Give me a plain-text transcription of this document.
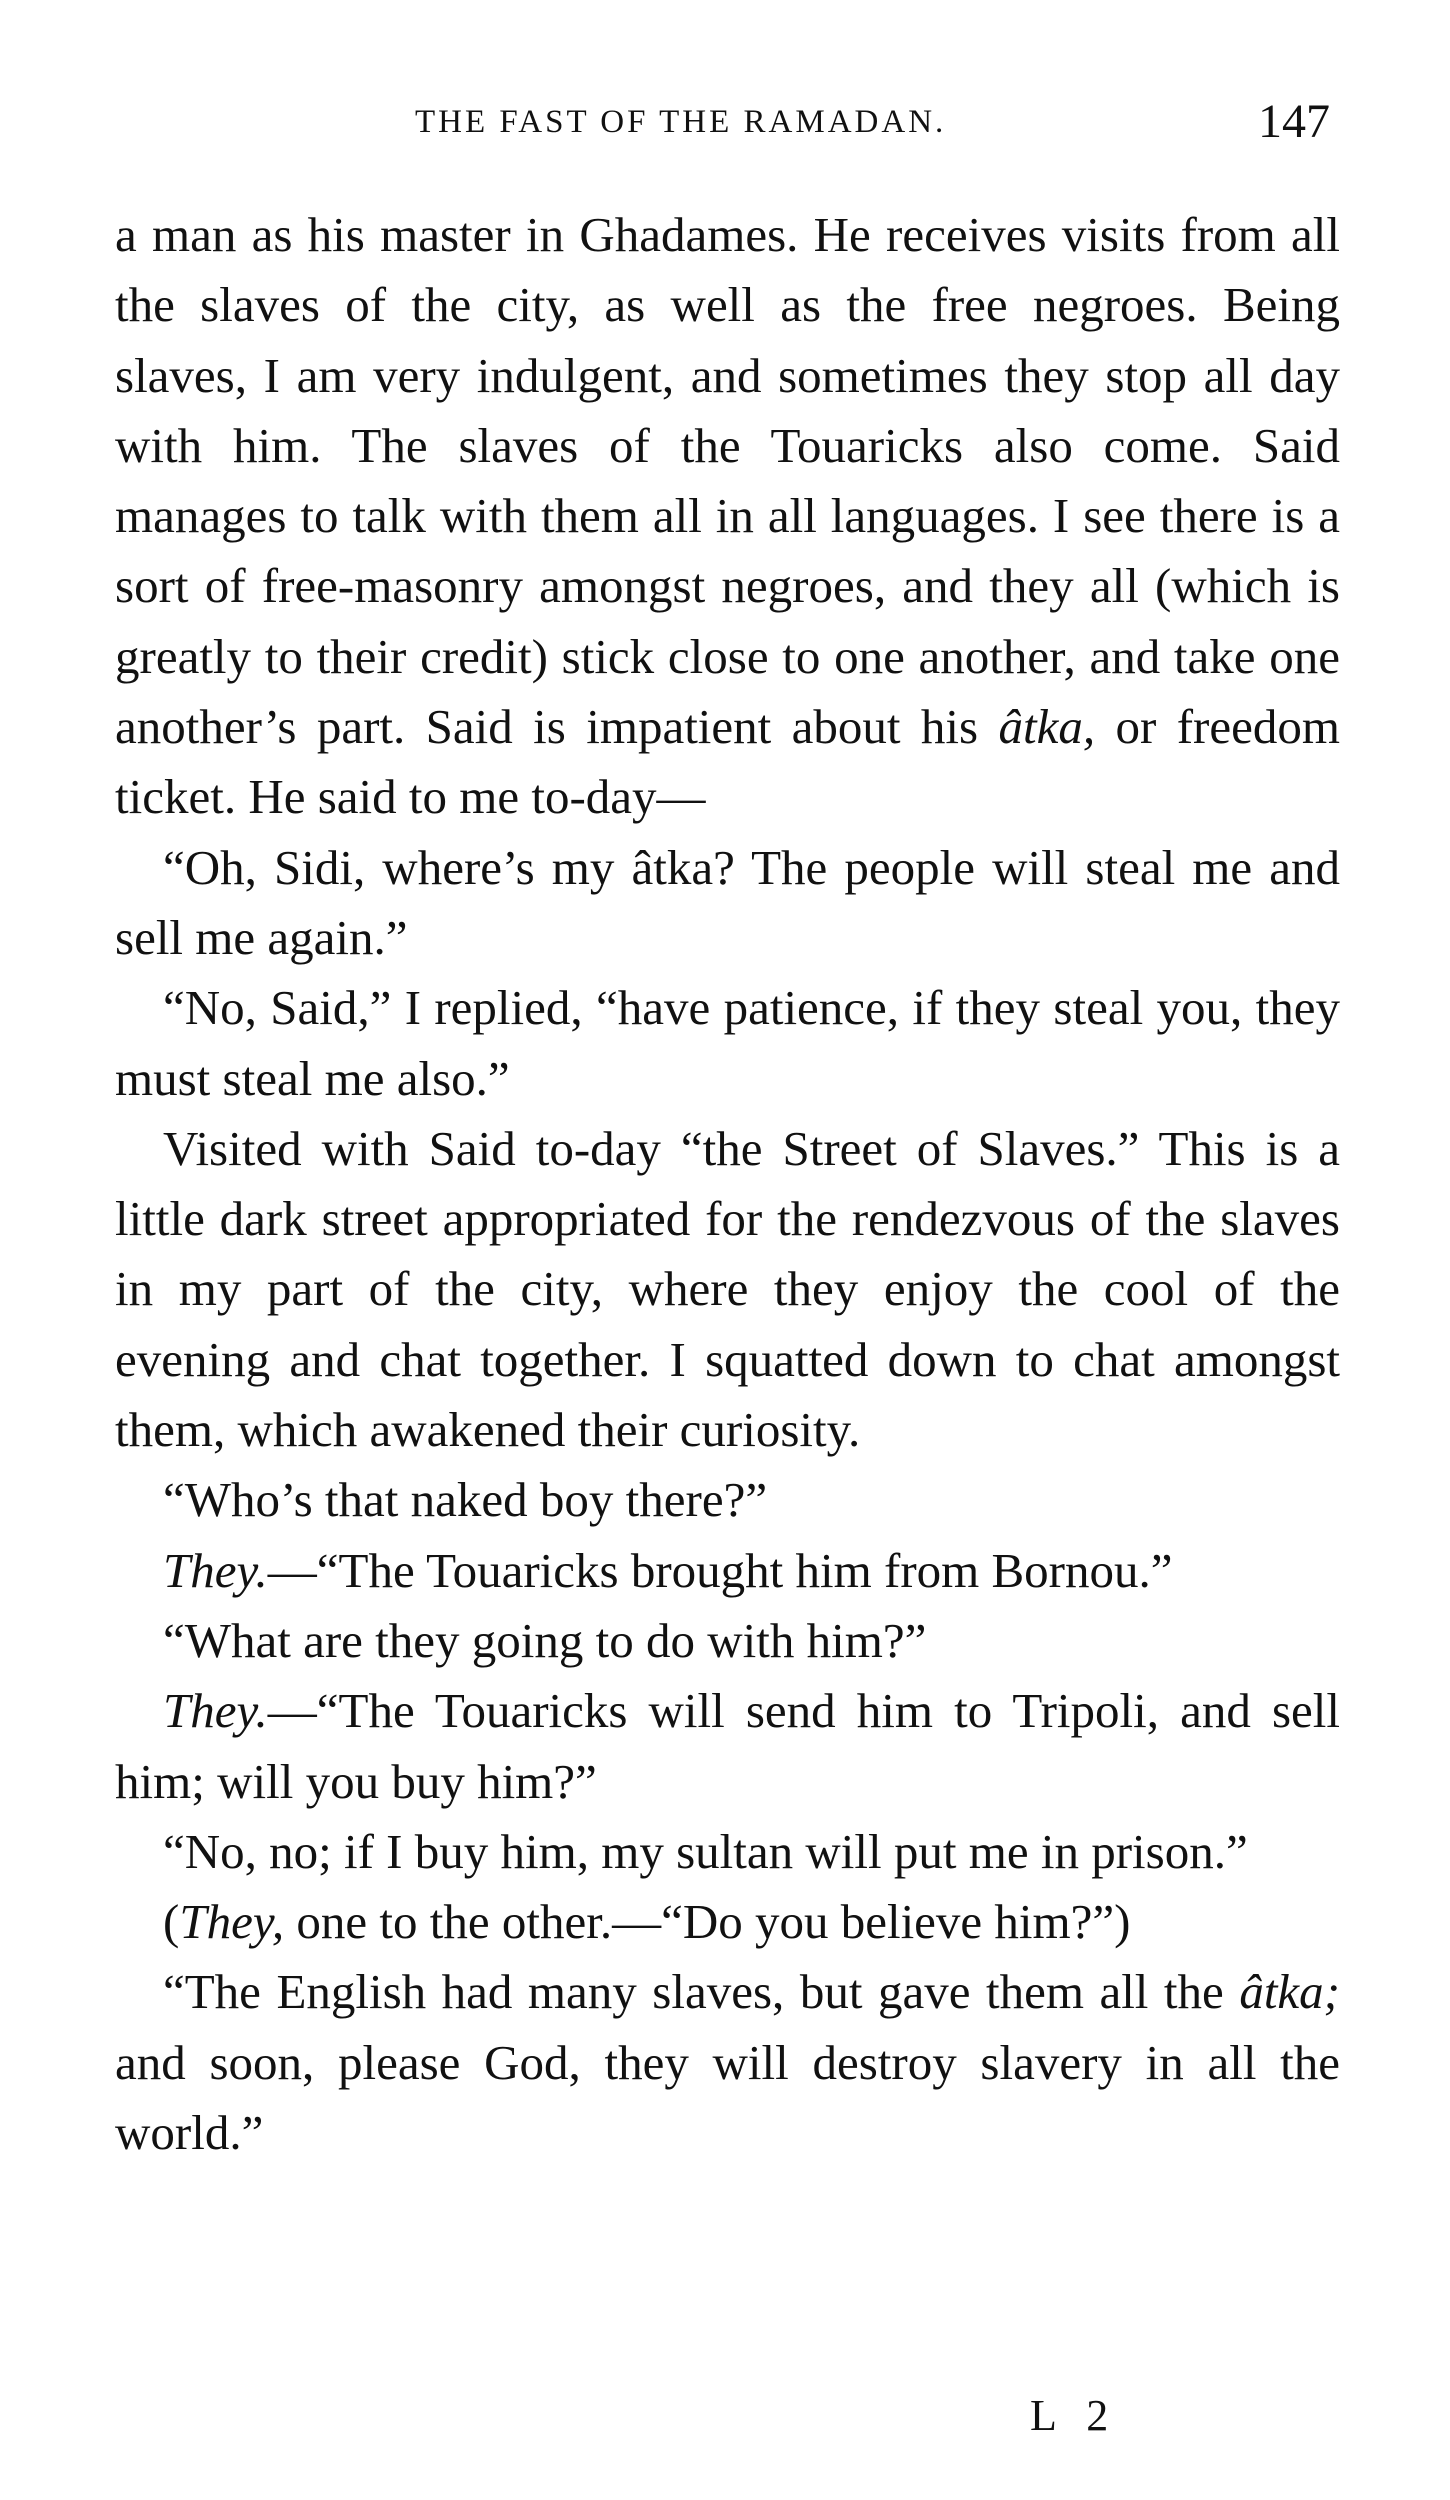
THE FAST OF THE RAMADAN.	147

a man as his master in Ghadames. He receives visits from all the slaves of the city, as well as the free negroes. Being slaves, I am very indulgent, and sometimes they stop all day with him. The slaves of the Touaricks also come. Said manages to talk with them all in all languages. I see there is a sort of free-masonry amongst negroes, and they all (which is greatly to their credit) stick close to one another, and take one another’s part. Said is impatient about his âtka, or freedom ticket. He said to me to-day—

“Oh, Sidi, where’s my âtka? The people will steal me and sell me again.”

“No, Said,” I replied, “have patience, if they steal you, they must steal me also.”

Visited with Said to-day “the Street of Slaves.” This is a little dark street appropriated for the rendezvous of the slaves in my part of the city, where they enjoy the cool of the evening and chat together. I squatted down to chat amongst them, which awakened their curiosity.

“Who’s that naked boy there?”

They.—“The Touaricks brought him from Bornou.”

“What are they going to do with him?”

They.—“The Touaricks will send him to Tripoli, and sell him; will you buy him?”

“No, no; if I buy him, my sultan will put me in prison.”

(They, one to the other.—“Do you believe him?”)

“The English had many slaves, but gave them all the âtka; and soon, please God, they will destroy slavery in all the world.”

L 2
